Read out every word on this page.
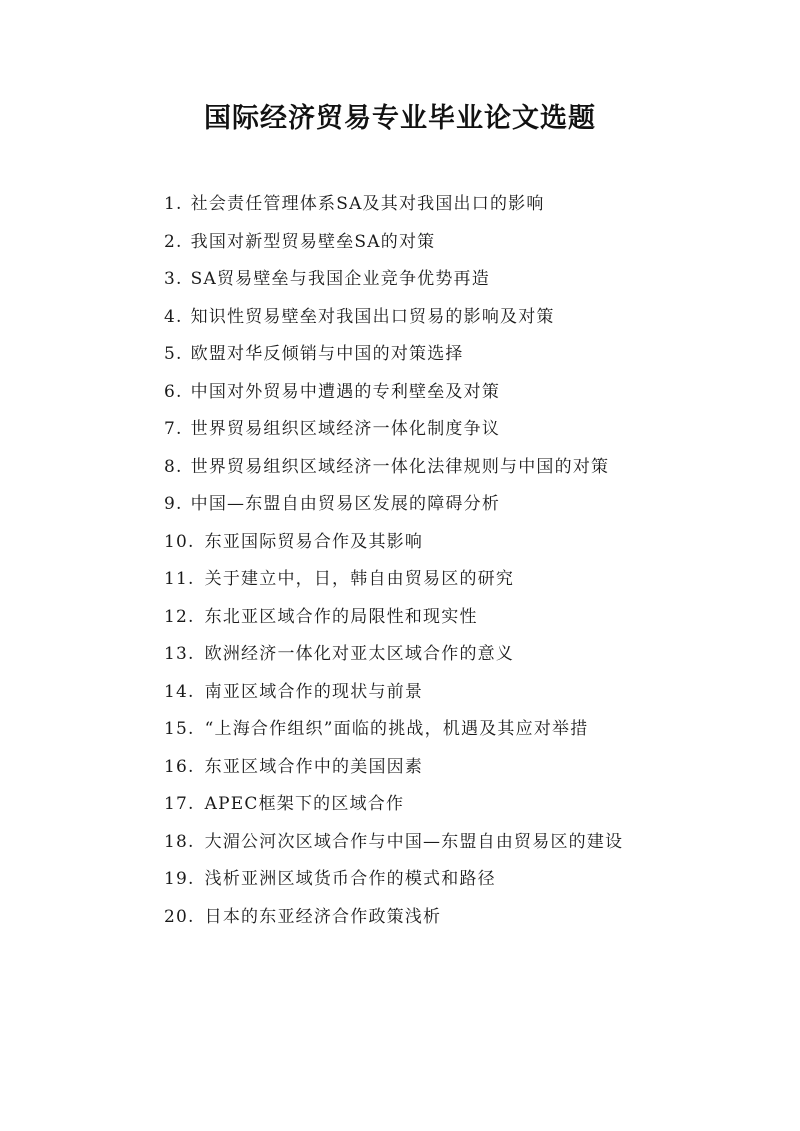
国际经济贸易专业毕业论文选题
1. 社会责任管理体系SA及其对我国出口的影响
2. 我国对新型贸易壁垒SA的对策
3. SA贸易壁垒与我国企业竞争优势再造
4. 知识性贸易壁垒对我国出口贸易的影响及对策
5. 欧盟对华反倾销与中国的对策选择
6. 中国对外贸易中遭遇的专利壁垒及对策
7. 世界贸易组织区域经济一体化制度争议
8. 世界贸易组织区域经济一体化法律规则与中国的对策
9. 中国—东盟自由贸易区发展的障碍分析
10. 东亚国际贸易合作及其影响
11. 关于建立中，日，韩自由贸易区的研究
12. 东北亚区域合作的局限性和现实性
13. 欧洲经济一体化对亚太区域合作的意义
14. 南亚区域合作的现状与前景
15. “上海合作组织”面临的挑战，机遇及其应对举措
16. 东亚区域合作中的美国因素
17. APEC框架下的区域合作
18. 大湄公河次区域合作与中国—东盟自由贸易区的建设
19. 浅析亚洲区域货币合作的模式和路径
20. 日本的东亚经济合作政策浅析
